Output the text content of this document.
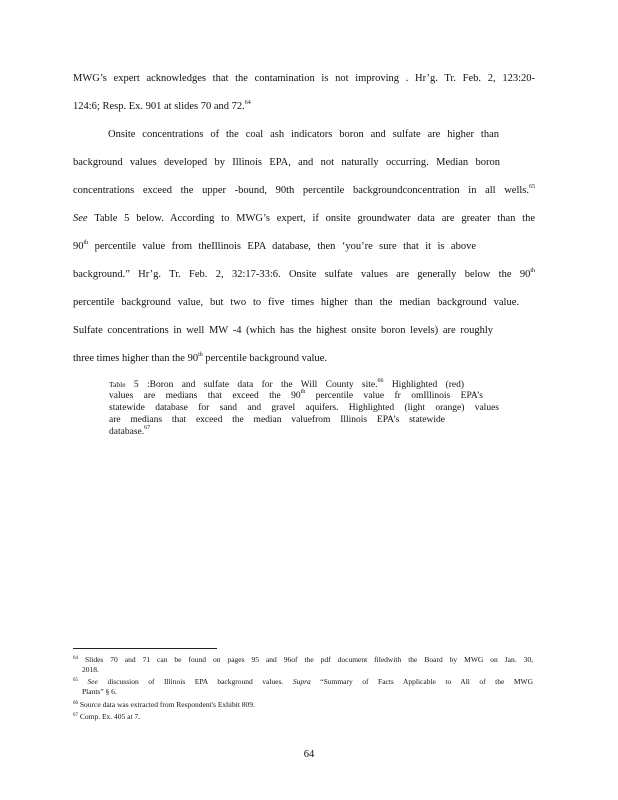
MWG’s expert acknowledges that the contamination is not improving . Hr’g. Tr. Feb. 2, 123:20-
124:6; Resp. Ex. 901 at slides 70 and 72.64
Onsite concentrations of the coal ash indicators boron and sulfate are higher than
background values developed by Illinois EPA, and not naturally occurring. Median boron
concentrations exceed the upper -bound, 90th percentile backgroundconcentration in all wells.$^{65}$
See Table 5 below. According to MWG’s expert, if onsite groundwater data are greater than the
90th percentile value from theIllinois EPA database, then ‘you’re sure that it is above
background.” Hr’g. Tr. Feb. 2, 32:17-33:6. Onsite sulfate values are generally below the 90th
percentile background value, but two to five times higher than the median background value.
Sulfate concentrations in well MW -4 (which has the highest onsite boron levels) are roughly
three times higher than the 90th percentile background value.
Table 5 :Boron and sulfate data for the Will County site.$^{66}$ Highlighted (red)
values are medians that exceed the 90th percentile value fr omIllinois EPA’s
statewide database for sand and gravel aquifers. Highlighted (light orange) values
are medians that exceed the median valuefrom Illinois EPA’s statewide
database.$^{67}$
$^{64}$ Slides 70 and 71 can be found on pages 95 and 96of the pdf document filedwith the Board by MWG on Jan. 30,
2018.
$^{65}$ See discussion of Illinois EPA background values. Supra “Summary of Facts Applicable to All of the MWG
Plants” § 6.
$^{66}$ Source data was extracted from Respondent's Exhibit 809.
$^{67}$ Comp. Ex. 405 at 7.
64
